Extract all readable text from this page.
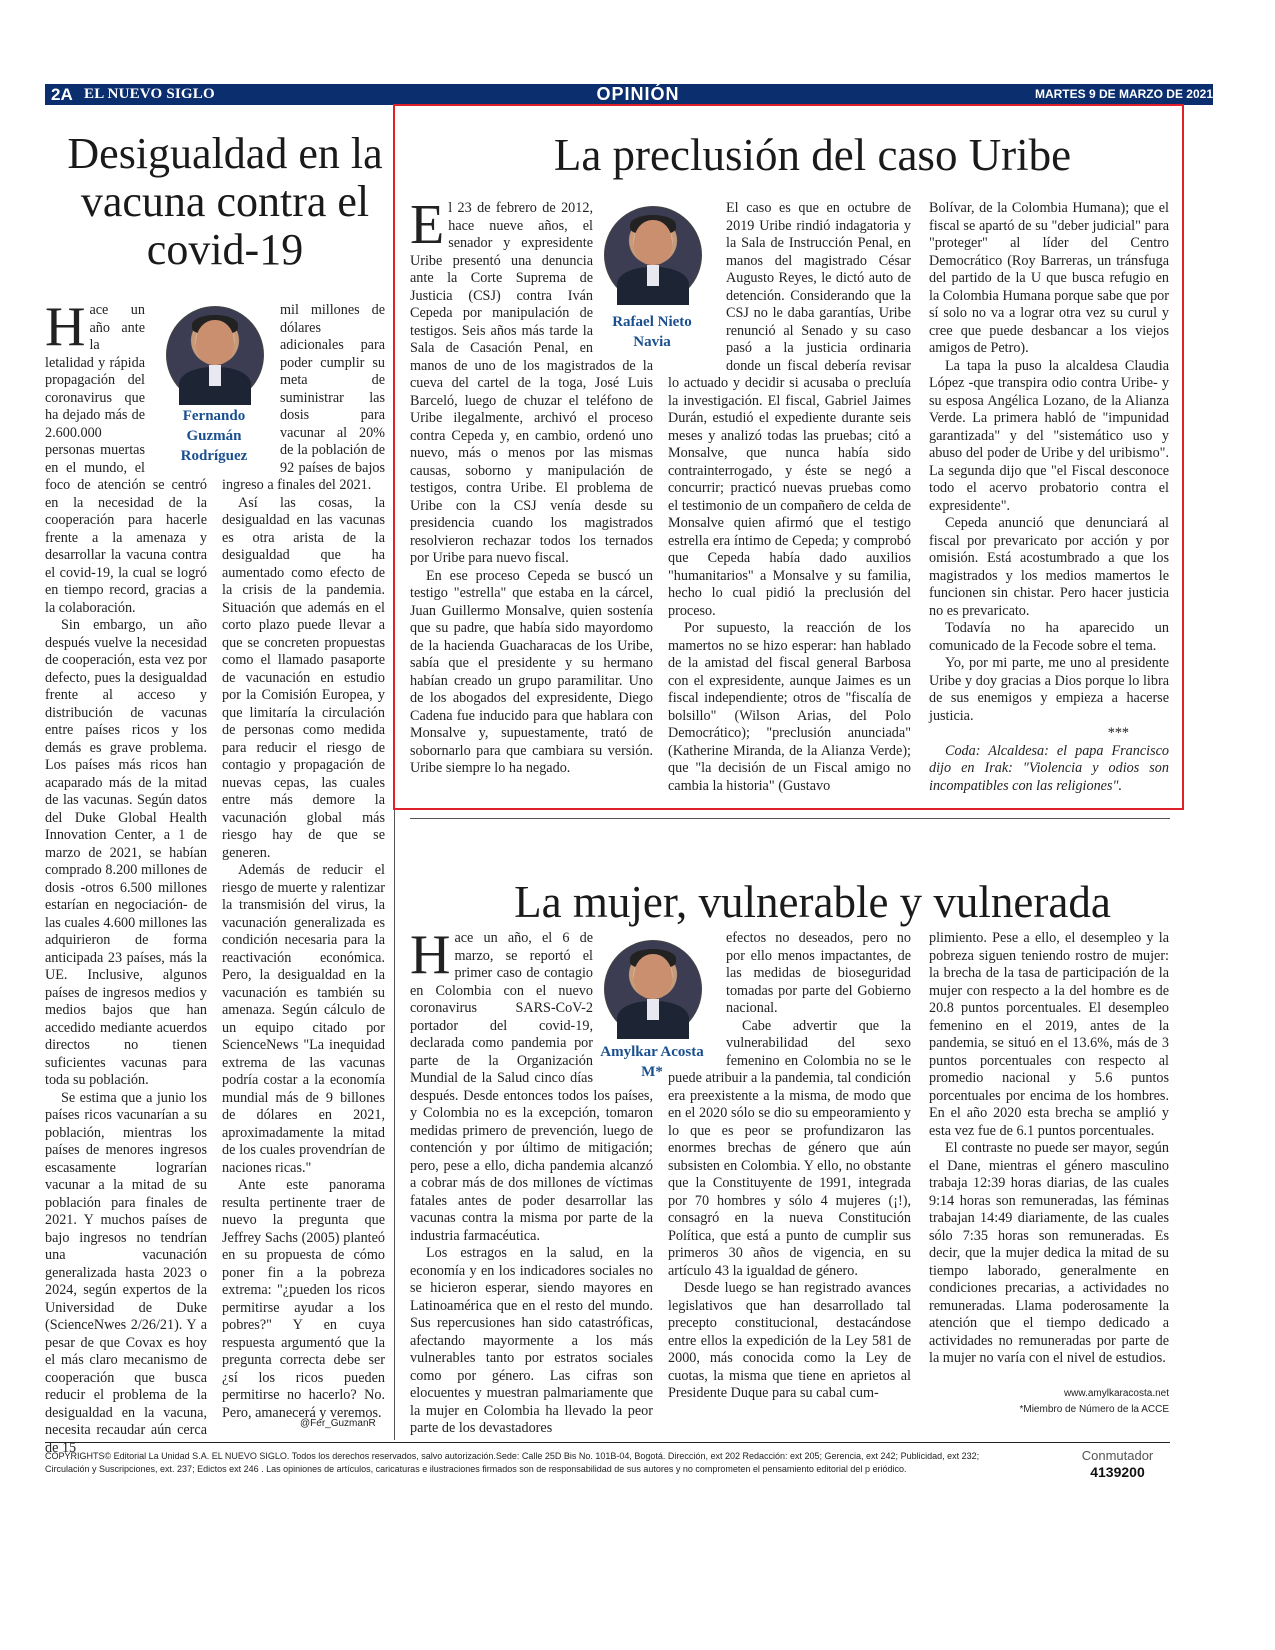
2A EL NUEVO SIGLO	OPINIÓN	MARTES 9 DE MARZO DE 2021
Desigualdad en la vacuna contra el covid-19
Fernando Guzmán Rodríguez

Hace un año ante la letalidad y rápida propagación del coronavirus que ha dejado más de 2.600.000 personas muertas en el mundo, el foco de atención se centró en la necesidad de la cooperación para hacerle frente a la amenaza y desarrollar la vacuna contra el covid-19, la cual se logró en tiempo record, gracias a la colaboración.

Sin embargo, un año después vuelve la necesidad de cooperación, esta vez por defecto, pues la desigualdad frente al acceso y distribución de vacunas entre países ricos y los demás es grave problema. Los países más ricos han acaparado más de la mitad de las vacunas. Según datos del Duke Global Health Innovation Center, a 1 de marzo de 2021, se habían comprado 8.200 millones de dosis -otros 6.500 millones estarían en negociación- de las cuales 4.600 millones las adquirieron de forma anticipada 23 países, más la UE. Inclusive, algunos países de ingresos medios y medios bajos que han accedido mediante acuerdos directos no tienen suficientes vacunas para toda su población.

Se estima que a junio los países ricos vacunarían a su población, mientras los países de menores ingresos escasamente lograrían vacunar a la mitad de su población para finales de 2021. Y muchos países de bajo ingresos no tendrían una vacunación generalizada hasta 2023 o 2024, según expertos de la Universidad de Duke (ScienceNwes 2/26/21). Y a pesar de que Covax es hoy el más claro mecanismo de cooperación que busca reducir el problema de la desigualdad en la vacuna, necesita recaudar aún cerca de 15

mil millones de dólares adicionales para poder cumplir su meta de suministrar las dosis para vacunar al 20% de la población de 92 países de bajos ingreso a finales del 2021.

Así las cosas, la desigualdad en las vacunas es otra arista de la desigualdad que ha aumentado como efecto de la crisis de la pandemia. Situación que además en el corto plazo puede llevar a que se concreten propuestas como el llamado pasaporte de vacunación en estudio por la Comisión Europea, y que limitaría la circulación de personas como medida para reducir el riesgo de contagio y propagación de nuevas cepas, las cuales entre más demore la vacunación global más riesgo hay de que se generen.

Además de reducir el riesgo de muerte y ralentizar la transmisión del virus, la vacunación generalizada es condición necesaria para la reactivación económica. Pero, la desigualdad en la vacunación es también su amenaza. Según cálculo de un equipo citado por ScienceNews "La inequidad extrema de las vacunas podría costar a la economía mundial más de 9 billones de dólares en 2021, aproximadamente la mitad de los cuales provendrían de naciones ricas."

Ante este panorama resulta pertinente traer de nuevo la pregunta que Jeffrey Sachs (2005) planteó en su propuesta de cómo poner fin a la pobreza extrema: "¿pueden los ricos permitirse ayudar a los pobres?" Y en cuya respuesta argumentó que la pregunta correcta debe ser ¿sí los ricos pueden permitirse no hacerlo? No. Pero, amanecerá y veremos.

@Fer_GuzmanR
La preclusión del caso Uribe
Rafael Nieto Navia

El 23 de febrero de 2012, hace nueve años, el senador y expresidente Uribe presentó una denuncia ante la Corte Suprema de Justicia (CSJ) contra Iván Cepeda por manipulación de testigos. Seis años más tarde la Sala de Casación Penal, en manos de uno de los magistrados de la cueva del cartel de la toga, José Luis Barceló, luego de chuzar el teléfono de Uribe ilegalmente, archivó el proceso contra Cepeda y, en cambio, ordenó uno nuevo, más o menos por las mismas causas, soborno y manipulación de testigos, contra Uribe. El problema de Uribe con la CSJ venía desde su presidencia cuando los magistrados resolvieron rechazar todos los ternados por Uribe para nuevo fiscal.

En ese proceso Cepeda se buscó un testigo "estrella" que estaba en la cárcel, Juan Guillermo Monsalve, quien sostenía que su padre, que había sido mayordomo de la hacienda Guacharacas de los Uribe, sabía que el presidente y su hermano habían creado un grupo paramilitar. Uno de los abogados del expresidente, Diego Cadena fue inducido para que hablara con Monsalve y, supuestamente, trató de sobornarlo para que cambiara su versión. Uribe siempre lo ha negado.

El caso es que en octubre de 2019 Uribe rindió indagatoria y la Sala de Instrucción Penal, en manos del magistrado César Augusto Reyes, le dictó auto de detención. Considerando que la CSJ no le daba garantías, Uribe renunció al Senado y su caso pasó a la justicia ordinaria donde un fiscal debería revisar lo actuado y decidir si acusaba o precluía la investigación. El fiscal, Gabriel Jaimes Durán, estudió el expediente durante seis meses y analizó todas las pruebas; citó a Monsalve, que nunca había sido contrainterrogado, y éste se negó a concurrir; practicó nuevas pruebas como el testimonio de un compañero de celda de Monsalve quien afirmó que el testigo estrella era íntimo de Cepeda; y comprobó que Cepeda había dado auxilios "humanitarios" a Monsalve y su familia, hecho lo cual pidió la preclusión del proceso.

Por supuesto, la reacción de los mamertos no se hizo esperar: han hablado de la amistad del fiscal general Barbosa con el expresidente, aunque Jaimes es un fiscal independiente; otros de "fiscalía de bolsillo" (Wilson Arias, del Polo Democrático); "preclusión anunciada" (Katherine Miranda, de la Alianza Verde); que "la decisión de un Fiscal amigo no cambia la historia" (Gustavo

Bolívar, de la Colombia Humana); que el fiscal se apartó de su "deber judicial" para "proteger" al líder del Centro Democrático (Roy Barreras, un tránsfuga del partido de la U que busca refugio en la Colombia Humana porque sabe que por sí solo no va a lograr otra vez su curul y cree que puede desbancar a los viejos amigos de Petro).

La tapa la puso la alcaldesa Claudia López -que transpira odio contra Uribe- y su esposa Angélica Lozano, de la Alianza Verde. La primera habló de "impunidad garantizada" y del "sistemático uso y abuso del poder de Uribe y del uribismo". La segunda dijo que "el Fiscal desconoce todo el acervo probatorio contra el expresidente".

Cepeda anunció que denunciará al fiscal por prevaricato por acción y por omisión. Está acostumbrado a que los magistrados y los medios mamertos le funcionen sin chistar. Pero hacer justicia no es prevaricato.

Todavía no ha aparecido un comunicado de la Fecode sobre el tema.

Yo, por mi parte, me uno al presidente Uribe y doy gracias a Dios porque lo libra de sus enemigos y empieza a hacerse justicia.

***

Coda: Alcaldesa: el papa Francisco dijo en Irak: "Violencia y odios son incompatibles con las religiones".

La mujer, vulnerable y vulnerada
Amylkar Acosta M*

Hace un año, el 6 de marzo, se reportó el primer caso de contagio en Colombia con el nuevo coronavirus SARS-CoV-2 portador del covid-19, declarada como pandemia por parte de la Organización Mundial de la Salud cinco días después. Desde entonces todos los países, y Colombia no es la excepción, tomaron medidas primero de prevención, luego de contención y por último de mitigación; pero, pese a ello, dicha pandemia alcanzó a cobrar más de dos millones de víctimas fatales antes de poder desarrollar las vacunas contra la misma por parte de la industria farmacéutica.

Los estragos en la salud, en la economía y en los indicadores sociales no se hicieron esperar, siendo mayores en Latinoamérica que en el resto del mundo. Sus repercusiones han sido catastróficas, afectando mayormente a los más vulnerables tanto por estratos sociales como por género. Las cifras son elocuentes y muestran palmariamente que la mujer en Colombia ha llevado la peor parte de los devastadores

efectos no deseados, pero no por ello menos impactantes, de las medidas de bioseguridad tomadas por parte del Gobierno nacional.

Cabe advertir que la vulnerabilidad del sexo femenino en Colombia no se le puede atribuir a la pandemia, tal condición era preexistente a la misma, de modo que en el 2020 sólo se dio su empeoramiento y lo que es peor se profundizaron las enormes brechas de género que aún subsisten en Colombia. Y ello, no obstante que la Constituyente de 1991, integrada por 70 hombres y sólo 4 mujeres (¡!), consagró en la nueva Constitución Política, que está a punto de cumplir sus primeros 30 años de vigencia, en su artículo 43 la igualdad de género.

Desde luego se han registrado avances legislativos que han desarrollado tal precepto constitucional, destacándose entre ellos la expedición de la Ley 581 de 2000, más conocida como la Ley de cuotas, la misma que tiene en aprietos al Presidente Duque para su cabal cum-

plimiento. Pese a ello, el desempleo y la pobreza siguen teniendo rostro de mujer: la brecha de la tasa de participación de la mujer con respecto a la del hombre es de 20.8 puntos porcentuales. El desempleo femenino en el 2019, antes de la pandemia, se situó en el 13.6%, más de 3 puntos porcentuales con respecto al promedio nacional y 5.6 puntos porcentuales por encima de los hombres. En el año 2020 esta brecha se amplió y esta vez fue de 6.1 puntos porcentuales.

El contraste no puede ser mayor, según el Dane, mientras el género masculino trabaja 12:39 horas diarias, de las cuales 9:14 horas son remuneradas, las féminas trabajan 14:49 diariamente, de las cuales sólo 7:35 horas son remuneradas. Es decir, que la mujer dedica la mitad de su tiempo laborado, generalmente en condiciones precarias, a actividades no remuneradas. Llama poderosamente la atención que el tiempo dedicado a actividades no remuneradas por parte de la mujer no varía con el nivel de estudios.

www.amylkaracosta.net
*Miembro de Número de la ACCE
COPYRIGHTS© Editorial La Unidad S.A. EL NUEVO SIGLO. Todos los derechos reservados, salvo autorización.Sede: Calle 25D Bis No. 101B-04, Bogotá. Dirección, ext 202 Redacción: ext 205; Gerencia, ext 242; Publicidad, ext 232;
Circulación y Suscripciones, ext. 237; Edictos ext 246 . Las opiniones de artículos, caricaturas e ilustraciones firmados son de responsabilidad de sus autores y no comprometen el pensamiento editorial del p eriódico.
Conmutador
4139200
